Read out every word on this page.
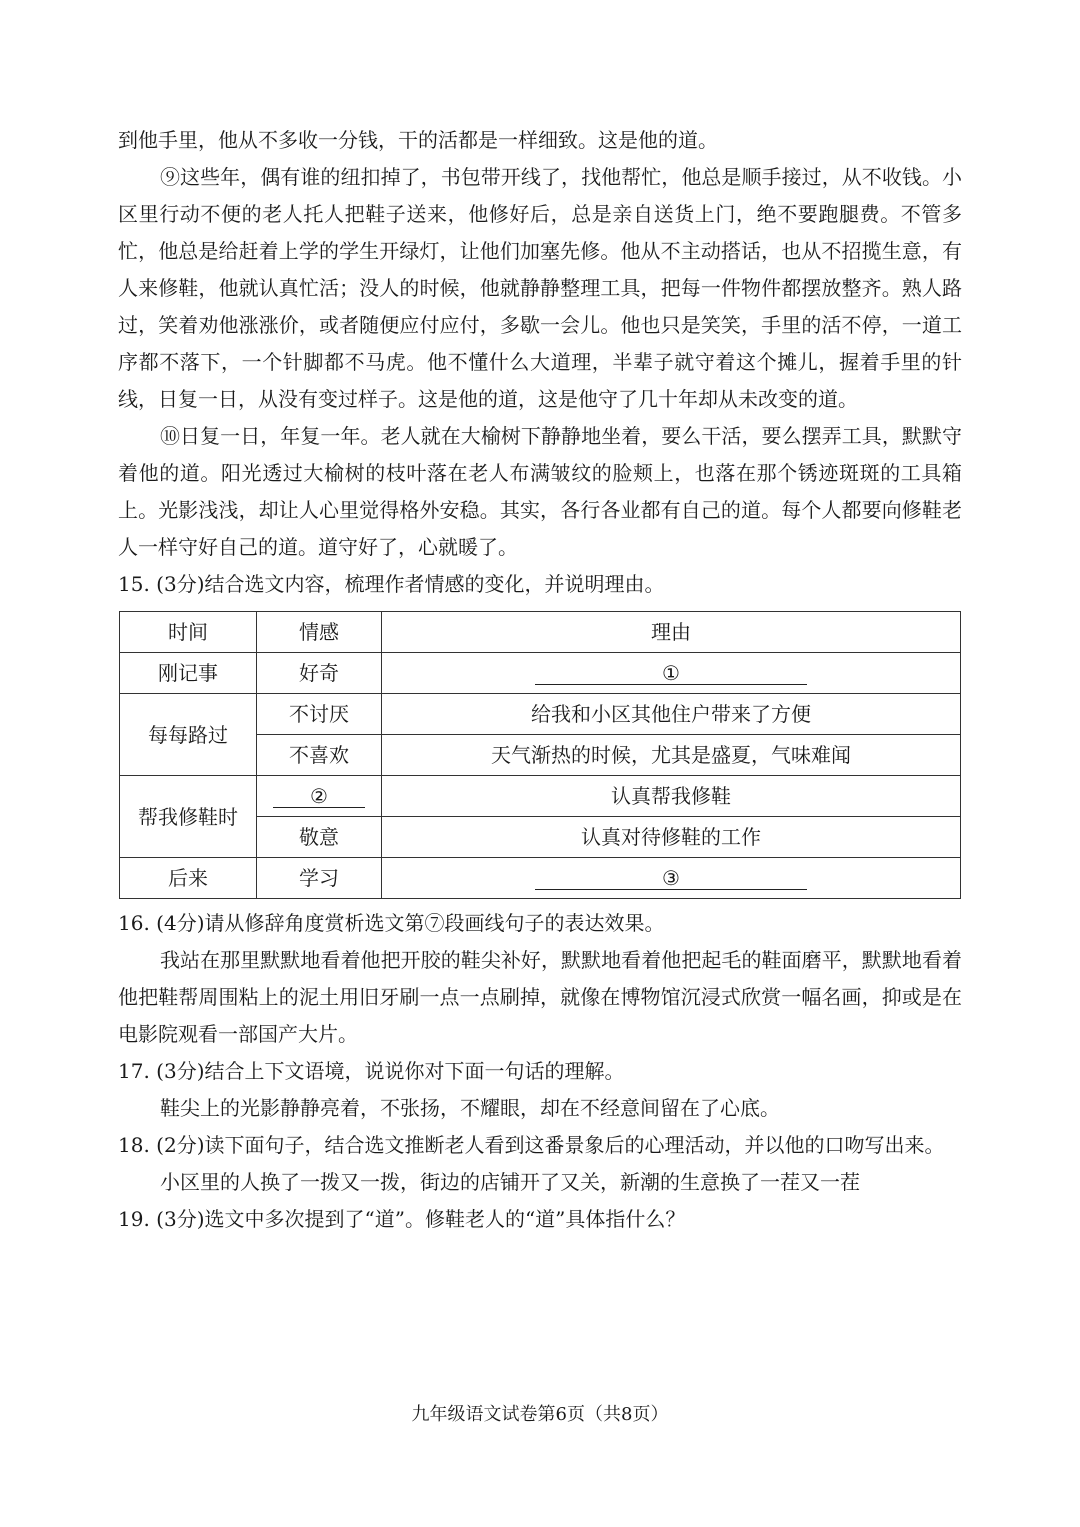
到他手里，他从不多收一分钱，干的活都是一样细致。这是他的道。

⑨这些年，偶有谁的纽扣掉了，书包带开线了，找他帮忙，他总是顺手接过，从不收钱。小区里行动不便的老人托人把鞋子送来，他修好后，总是亲自送货上门，绝不要跑腿费。不管多忙，他总是给赶着上学的学生开绿灯，让他们加塞先修。他从不主动搭话，也从不招揽生意，有人来修鞋，他就认真忙活；没人的时候，他就静静整理工具，把每一件物件都摆放整齐。熟人路过，笑着劝他涨涨价，或者随便应付应付，多歇一会儿。他也只是笑笑，手里的活不停，一道工序都不落下，一个针脚都不马虎。他不懂什么大道理，半辈子就守着这个摊儿，握着手里的针线，日复一日，从没有变过样子。这是他的道，这是他守了几十年却从未改变的道。

⑩日复一日，年复一年。老人就在大榆树下静静地坐着，要么干活，要么摆弄工具，默默守着他的道。阳光透过大榆树的枝叶落在老人布满皱纹的脸颊上，也落在那个锈迹斑斑的工具箱上。光影浅浅，却让人心里觉得格外安稳。其实，各行各业都有自己的道。每个人都要向修鞋老人一样守好自己的道。道守好了，心就暖了。

15. (3分)结合选文内容，梳理作者情感的变化，并说明理由。

时间	情感	理由
刚记事	好奇	①
每每路过	不讨厌	给我和小区其他住户带来了方便
	不喜欢	天气渐热的时候，尤其是盛夏，气味难闻
帮我修鞋时	②	认真帮我修鞋
	敬意	认真对待修鞋的工作
后来	学习	③

16. (4分)请从修辞角度赏析选文第⑦段画线句子的表达效果。

我站在那里默默地看着他把开胶的鞋尖补好，默默地看着他把起毛的鞋面磨平，默默地看着他把鞋帮周围粘上的泥土用旧牙刷一点一点刷掉，就像在博物馆沉浸式欣赏一幅名画，抑或是在电影院观看一部国产大片。

17. (3分)结合上下文语境，说说你对下面一句话的理解。

鞋尖上的光影静静亮着，不张扬，不耀眼，却在不经意间留在了心底。

18. (2分)读下面句子，结合选文推断老人看到这番景象后的心理活动，并以他的口吻写出来。

小区里的人换了一拨又一拨，街边的店铺开了又关，新潮的生意换了一茬又一茬

19. (3分)选文中多次提到了“道”。修鞋老人的“道”具体指什么？

九年级语文试卷第6页（共8页）
